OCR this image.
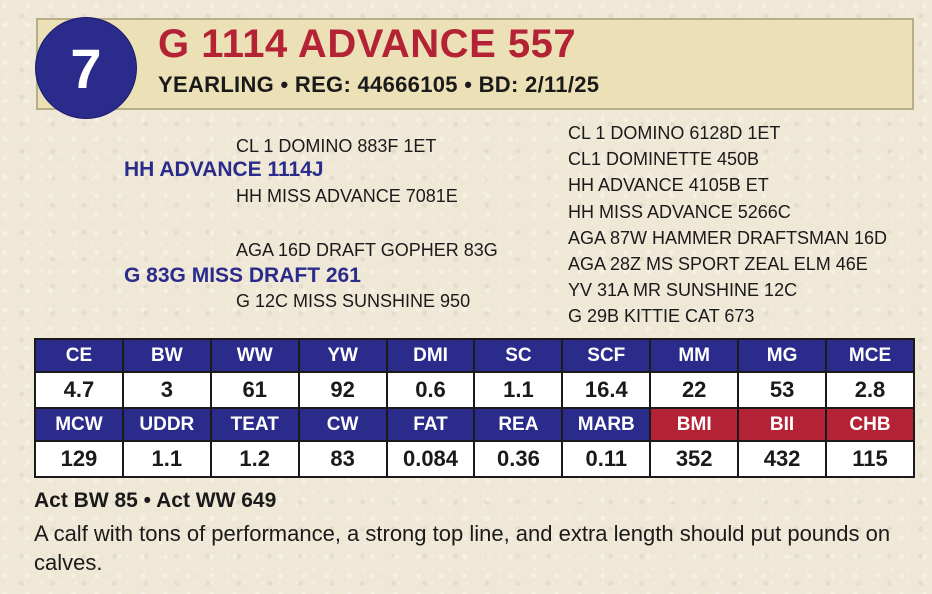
7 G 1114 ADVANCE 557
YEARLING • REG: 44666105 • BD: 2/11/25
CL 1 DOMINO 883F 1ET
HH ADVANCE 1114J
HH MISS ADVANCE 7081E
AGA 16D DRAFT GOPHER 83G
G 83G MISS DRAFT 261
G 12C MISS SUNSHINE 950
CL 1 DOMINO 6128D 1ET
CL1 DOMINETTE 450B
HH ADVANCE 4105B ET
HH MISS ADVANCE 5266C
AGA 87W HAMMER DRAFTSMAN 16D
AGA 28Z MS SPORT ZEAL ELM 46E
YV 31A MR SUNSHINE 12C
G 29B KITTIE CAT 673
CE	BW	WW	YW	DMI	SC	SCF	MM	MG	MCE
4.7	3	61	92	0.6	1.1	16.4	22	53	2.8
MCW	UDDR	TEAT	CW	FAT	REA	MARB	BMI	BII	CHB
129	1.1	1.2	83	0.084	0.36	0.11	352	432	115
Act BW 85 • Act WW 649
A calf with tons of performance, a strong top line, and extra length should put pounds on calves.
